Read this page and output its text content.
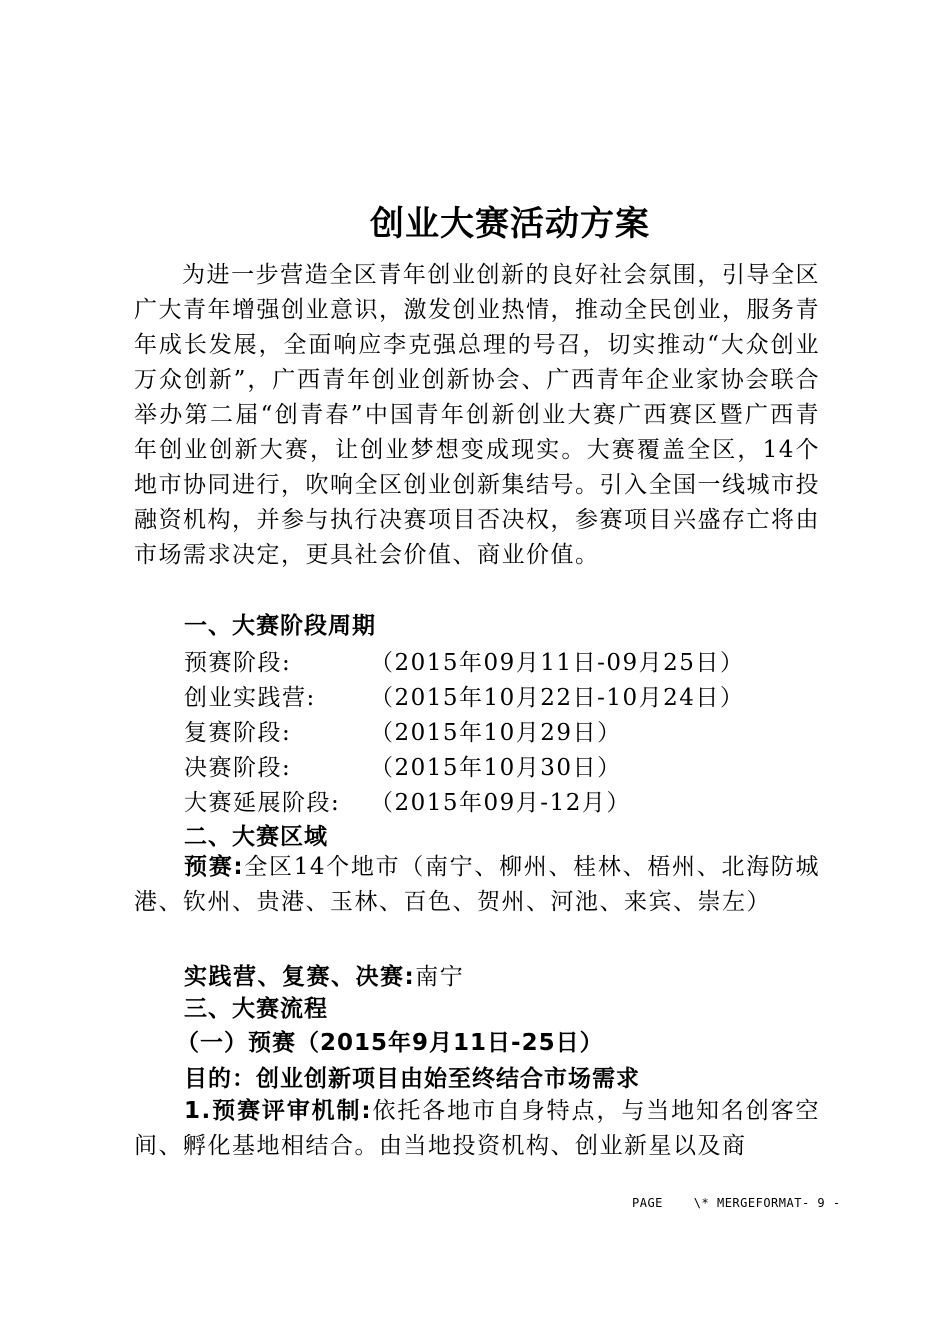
创业大赛活动方案

为进一步营造全区青年创业创新的良好社会氛围，引导全区广大青年增强创业意识，激发创业热情，推动全民创业，服务青年成长发展，全面响应李克强总理的号召，切实推动“大众创业 万众创新”，广西青年创业创新协会、广西青年企业家协会联合举办第二届“创青春”中国青年创新创业大赛广西赛区暨广西青年创业创新大赛，让创业梦想变成现实。大赛覆盖全区，14个地市协同进行，吹响全区创业创新集结号。引入全国一线城市投融资机构，并参与执行决赛项目否决权，参赛项目兴盛存亡将由市场需求决定，更具社会价值、商业价值。

一、大赛阶段周期
预赛阶段:	（2015年09月11日-09月25日）
创业实践营: （2015年10月22日-10月24日）
复赛阶段:	（2015年10月29日）
决赛阶段:	（2015年10月30日）
大赛延展阶段: （2015年09月-12月）
二、大赛区域

预赛:全区14个地市（南宁、柳州、桂林、梧州、北海防城港、钦州、贵港、玉林、百色、贺州、河池、来宾、崇左）

实践营、复赛、决赛:南宁
三、大赛流程
（一）预赛（2015年9月11日-25日）
目的：创业创新项目由始至终结合市场需求

1.预赛评审机制:依托各地市自身特点，与当地知名创客空间、孵化基地相结合。由当地投资机构、创业新星以及商

PAGE    \* MERGEFORMAT- 9 -
